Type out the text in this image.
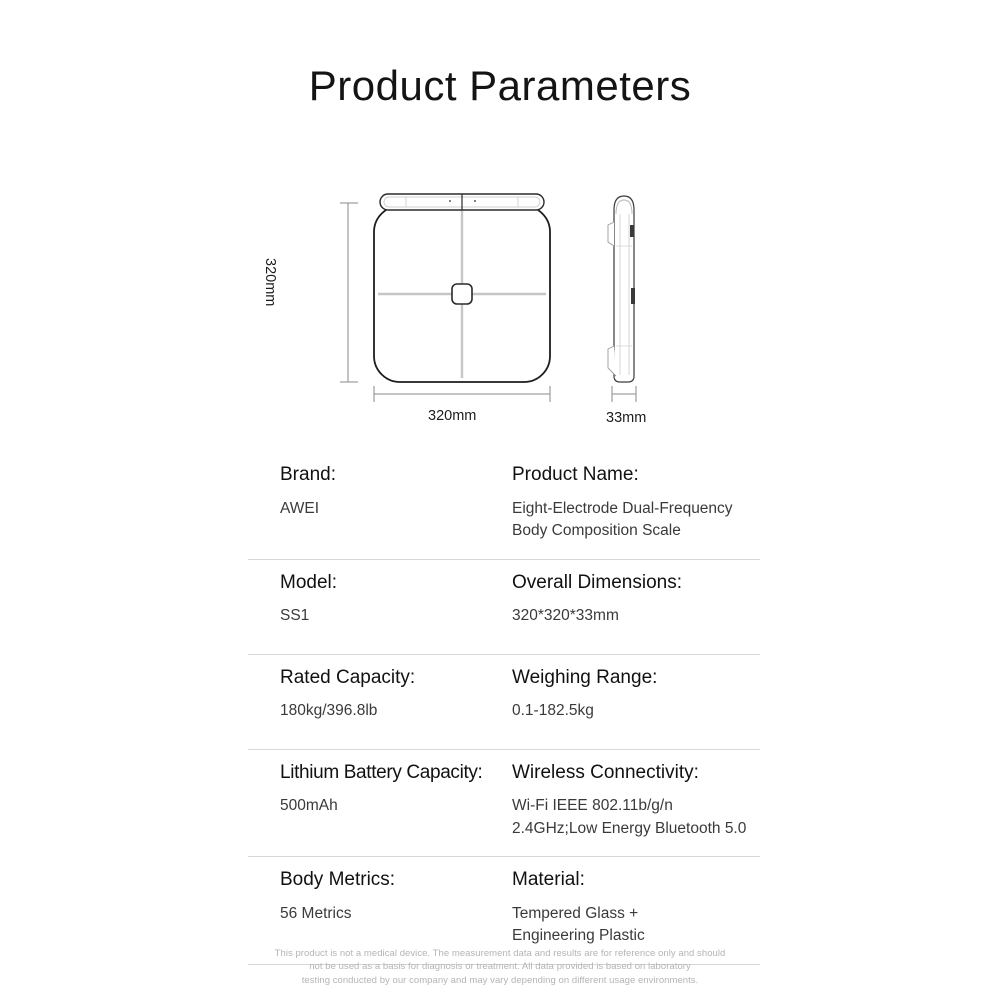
Product Parameters
320mm
320mm	33mm
Brand:
AWEI
Product Name:
Eight-Electrode Dual-Frequency
Body Composition Scale
Model:
SS1
Overall Dimensions:
320*320*33mm
Rated Capacity:
180kg/396.8lb
Weighing Range:
0.1-182.5kg
Lithium Battery Capacity:
500mAh
Wireless Connectivity:
Wi-Fi IEEE 802.11b/g/n
2.4GHz;Low Energy Bluetooth 5.0
Body Metrics:
56 Metrics
Material:
Tempered Glass +
Engineering Plastic
This product is not a medical device. The measurement data and results are for reference only and should
not be used as a basis for diagnosis or treatment. All data provided is based on laboratory
testing conducted by our company and may vary depending on different usage environments.
